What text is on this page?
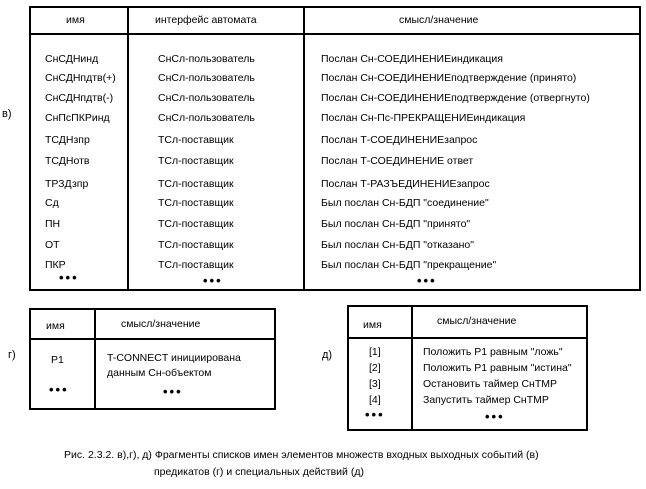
в)
имя	интерфейс автомата	смысл/значение
СнСДНинд	СнСл-пользователь	Послан Сн-СОЕДИНЕНИЕиндикация
СнСДНпдтв(+)	СнСл-пользователь	Послан Сн-СОЕДИНЕНИЕподтверждение (принято)
СнСДНпдтв(-)	СнСл-пользователь	Послан Сн-СОЕДИНЕНИЕподтверждение (отвергнуто)
СнПсПКРинд	СнСл-пользователь	Послан Сн-Пс-ПРЕКРАЩЕНИЕиндикация
ТСДНзпр	ТСл-поставщик	Послан Т-СОЕДИНЕНИЕзапрос
ТСДНотв	ТСл-поставщик	Послан Т-СОЕДИНЕНИЕ ответ
ТРЗДзпр	ТСл-поставщик	Послан Т-РАЗЪЕДИНЕНИЕзапрос
Сд	ТСл-поставщик	Был послан Сн-БДП "соединение"
ПН	ТСл-поставщик	Был послан Сн-БДП "принято"
ОТ	ТСл-поставщик	Был послан Сн-БДП "отказано"
ПКР	ТСл-поставщик	Был послан Сн-БДП "прекращение"
•••	•••	•••
г)
имя	смысл/значение
Р1	T-CONNECT инициирована
данным Сн-объектом
•••	•••
д)
имя	смысл/значение
[1]	Положить Р1 равным "ложь"
[2]	Положить Р1 равным "истина"
[3]	Остановить таймер СнТМР
[4]	Запустить таймер СнТМР
•••	•••
Рис. 2.3.2. в),г), д) Фрагменты списков имен элементов множеств входных выходных событий (в)
предикатов (г) и специальных действий (д)
